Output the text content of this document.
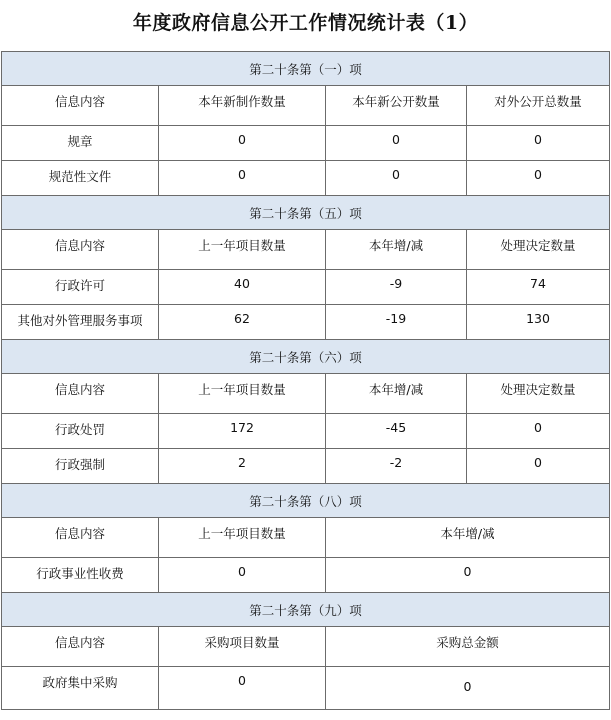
年度政府信息公开工作情况统计表（1）
第二十条第（一）项			
信息内容	本年新制作数量	本年新公开数量	对外公开总数量
规章	0	0	0
规范性文件	0	0	0
第二十条第（五）项			
信息内容	上一年项目数量	本年增/减	处理决定数量
行政许可	40	-9	74
其他对外管理服务事项	62	-19	130
第二十条第（六）项			
信息内容	上一年项目数量	本年增/减	处理决定数量
行政处罚	172	-45	0
行政强制	2	-2	0
第二十条第（八）项			
信息内容	上一年项目数量	本年增/减	
行政事业性收费	0	0	
第二十条第（九）项			
信息内容	采购项目数量	采购总金额	
政府集中采购	0	0	
